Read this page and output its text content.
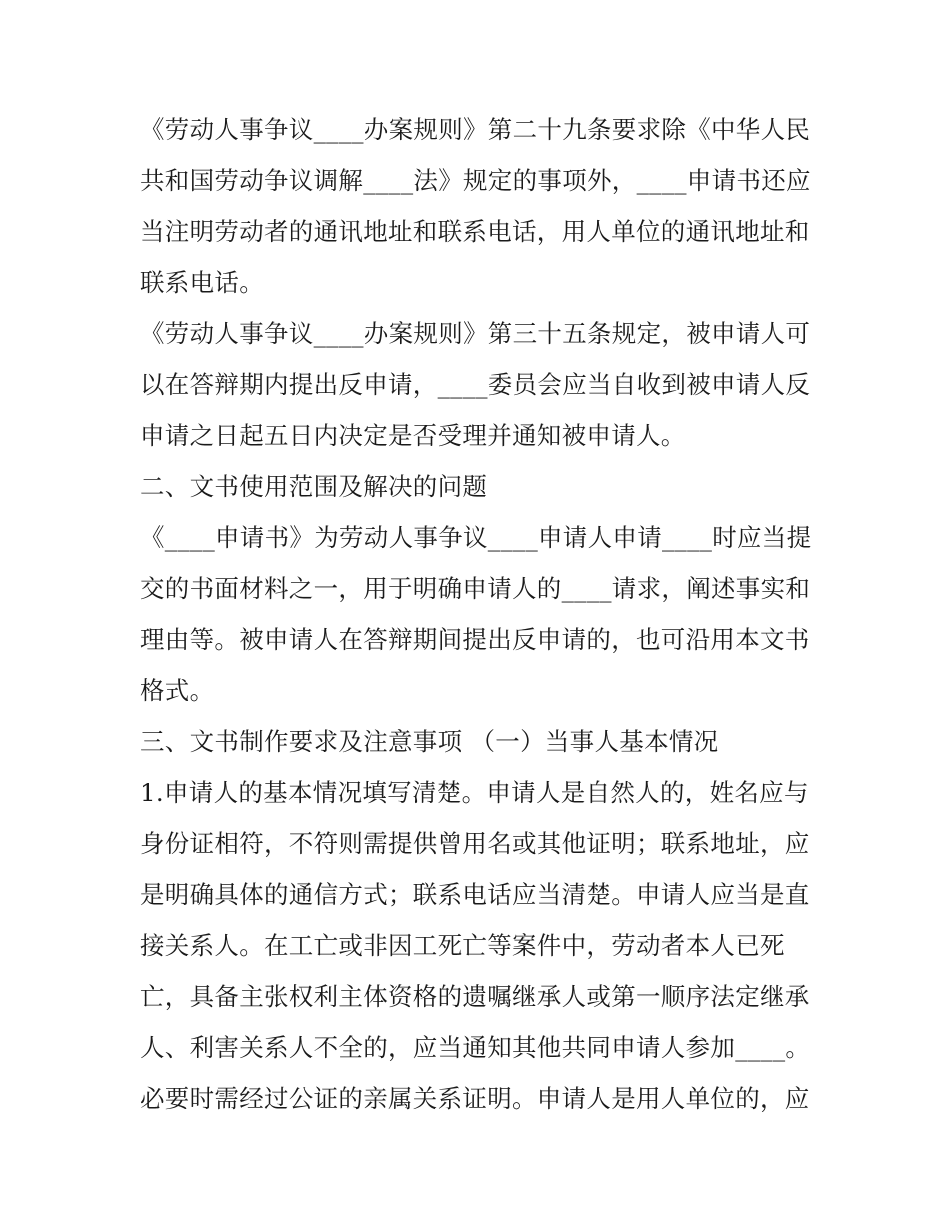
《劳动人事争议____办案规则》第二十九条要求除《中华人民
共和国劳动争议调解____法》规定的事项外，____申请书还应
当注明劳动者的通讯地址和联系电话，用人单位的通讯地址和
联系电话。
《劳动人事争议____办案规则》第三十五条规定，被申请人可
以在答辩期内提出反申请，____委员会应当自收到被申请人反
申请之日起五日内决定是否受理并通知被申请人。
二、文书使用范围及解决的问题
《____申请书》为劳动人事争议____申请人申请____时应当提
交的书面材料之一，用于明确申请人的____请求，阐述事实和
理由等。被申请人在答辩期间提出反申请的，也可沿用本文书
格式。
三、文书制作要求及注意事项 （一）当事人基本情况
1.申请人的基本情况填写清楚。申请人是自然人的，姓名应与
身份证相符，不符则需提供曾用名或其他证明；联系地址，应
是明确具体的通信方式；联系电话应当清楚。申请人应当是直
接关系人。在工亡或非因工死亡等案件中，劳动者本人已死
亡，具备主张权利主体资格的遗嘱继承人或第一顺序法定继承
人、利害关系人不全的，应当通知其他共同申请人参加____。
必要时需经过公证的亲属关系证明。申请人是用人单位的，应
